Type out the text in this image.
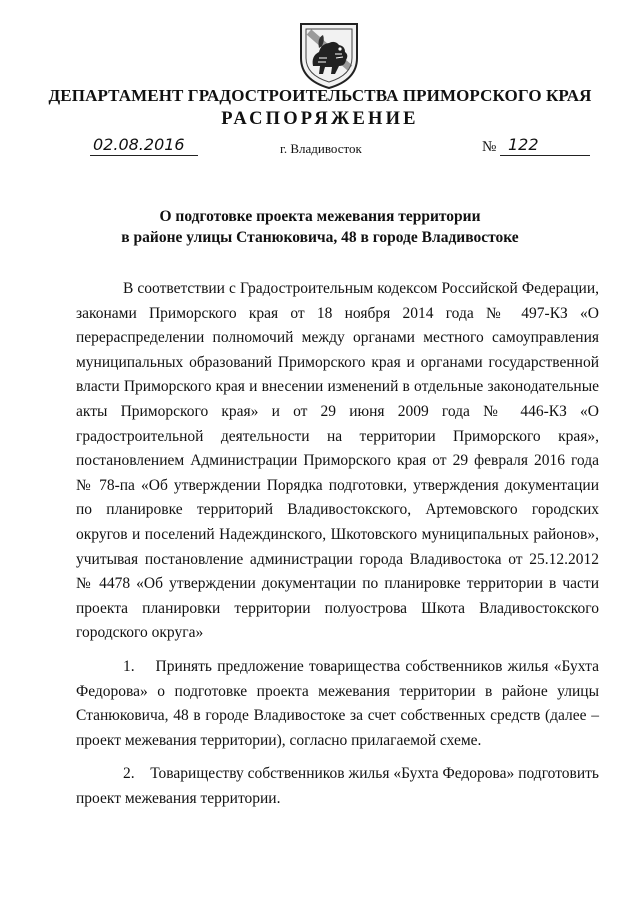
ДЕПАРТАМЕНТ ГРАДОСТРОИТЕЛЬСТВА ПРИМОРСКОГО КРАЯ
РАСПОРЯЖЕНИЕ
02.08.2016	г. Владивосток	№ 122
О подготовке проекта межевания территории
в районе улицы Станюковича, 48 в городе Владивостоке

В соответствии с Градостроительным кодексом Российской Федерации, законами Приморского края от 18 ноября 2014 года № 497-КЗ «О перераспределении полномочий между органами местного самоуправления муниципальных образований Приморского края и органами государственной власти Приморского края и внесении изменений в отдельные законодательные акты Приморского края» и от 29 июня 2009 года № 446-КЗ «О градостроительной деятельности на территории Приморского края», постановлением Администрации Приморского края от 29 февраля 2016 года № 78-па «Об утверждении Порядка подготовки, утверждения документации по планировке территорий Владивостокского, Артемовского городских округов и поселений Надеждинского, Шкотовского муниципальных районов», учитывая постановление администрации города Владивостока от 25.12.2012 № 4478 «Об утверждении документации по планировке территории в части проекта планировки территории полуострова Шкота Владивостокского городского округа»

1.    Принять предложение товарищества собственников жилья «Бухта Федорова» о подготовке проекта межевания территории в районе улицы Станюковича, 48 в городе Владивостоке за счет собственных средств (далее – проект межевания территории), согласно прилагаемой схеме.

2.    Товариществу собственников жилья «Бухта Федорова» подготовить проект межевания территории.
